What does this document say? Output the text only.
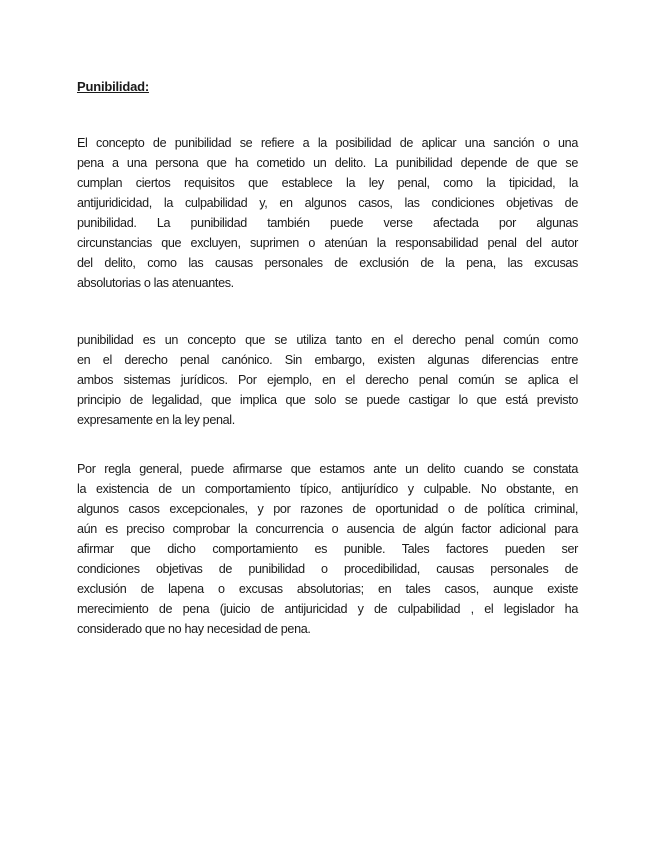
Punibilidad:
El concepto de punibilidad se refiere a la posibilidad de aplicar una sanción o una
pena a una persona que ha cometido un delito. La punibilidad depende de que se
cumplan ciertos requisitos que establece la ley penal, como la tipicidad, la
antijuridicidad, la culpabilidad y, en algunos casos, las condiciones objetivas de
punibilidad. La punibilidad también puede verse afectada por algunas
circunstancias que excluyen, suprimen o atenúan la responsabilidad penal del autor
del delito, como las causas personales de exclusión de la pena, las excusas
absolutorias o las atenuantes.
punibilidad es un concepto que se utiliza tanto en el derecho penal común como
en el derecho penal canónico. Sin embargo, existen algunas diferencias entre
ambos sistemas jurídicos. Por ejemplo, en el derecho penal común se aplica el
principio de legalidad, que implica que solo se puede castigar lo que está previsto
expresamente en la ley penal.
Por regla general, puede afirmarse que estamos ante un delito cuando se constata
la existencia de un comportamiento típico, antijurídico y culpable. No obstante, en
algunos casos excepcionales, y por razones de oportunidad o de política criminal,
aún es preciso comprobar la concurrencia o ausencia de algún factor adicional para
afirmar que dicho comportamiento es punible. Tales factores pueden ser
condiciones objetivas de punibilidad o procedibilidad, causas personales de
exclusión de lapena o excusas absolutorias; en tales casos, aunque existe
merecimiento de pena (juicio de antijuricidad y de culpabilidad , el legislador ha
considerado que no hay necesidad de pena.
